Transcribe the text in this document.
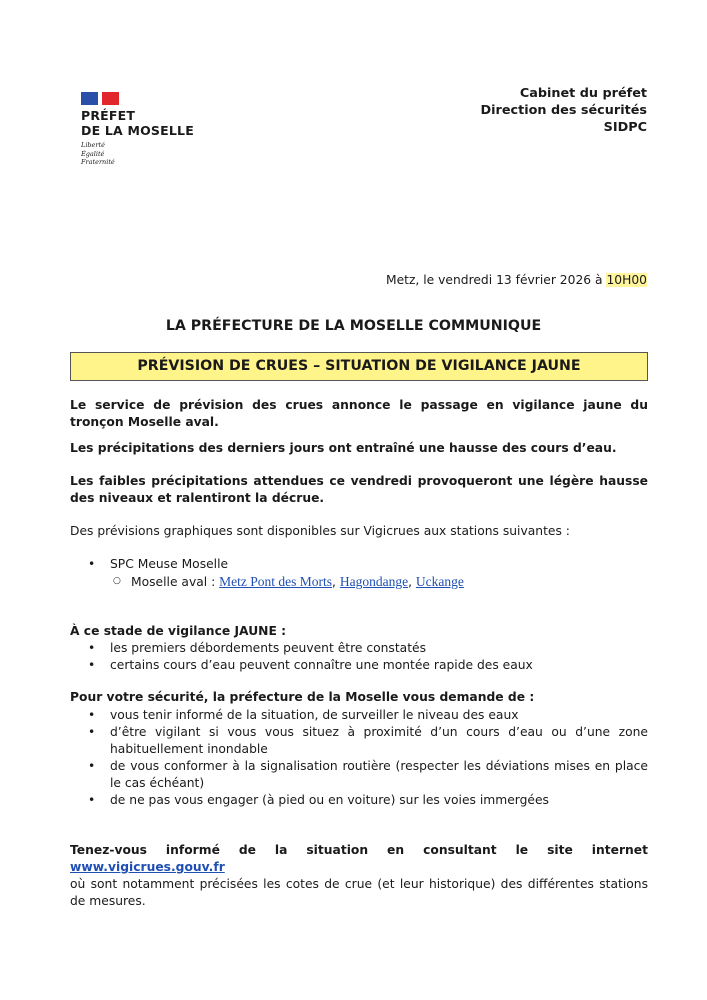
PRÉFET
DE LA MOSELLE
Liberté
Égalité
Fraternité
Cabinet du préfet
Direction des sécurités
SIDPC
Metz, le vendredi 13 février 2026 à 10H00
LA PRÉFECTURE DE LA MOSELLE COMMUNIQUE
PRÉVISION DE CRUES – SITUATION DE VIGILANCE JAUNE

Le service de prévision des crues annonce le passage en vigilance jaune du tronçon Moselle aval.

Les précipitations des derniers jours ont entraîné une hausse des cours d’eau.

Les faibles précipitations attendues ce vendredi provoqueront une légère hausse des niveaux et ralentiront la décrue.

Des prévisions graphiques sont disponibles sur Vigicrues aux stations suivantes :

• SPC Meuse Moselle
○ Moselle aval : Metz Pont des Morts, Hagondange, Uckange

À ce stade de vigilance JAUNE :

• les premiers débordements peuvent être constatés
• certains cours d’eau peuvent connaître une montée rapide des eaux

Pour votre sécurité, la préfecture de la Moselle vous demande de :

• vous tenir informé de la situation, de surveiller le niveau des eaux
• d’être vigilant si vous vous situez à proximité d’un cours d’eau ou d’une zone habituellement inondable
• de vous conformer à la signalisation routière (respecter les déviations mises en place le cas échéant)
• de ne pas vous engager (à pied ou en voiture) sur les voies immergées

Tenez-vous informé de la situation en consultant le site internet www.vigicrues.gouv.fr
où sont notamment précisées les cotes de crue (et leur historique) des différentes stations de mesures.
